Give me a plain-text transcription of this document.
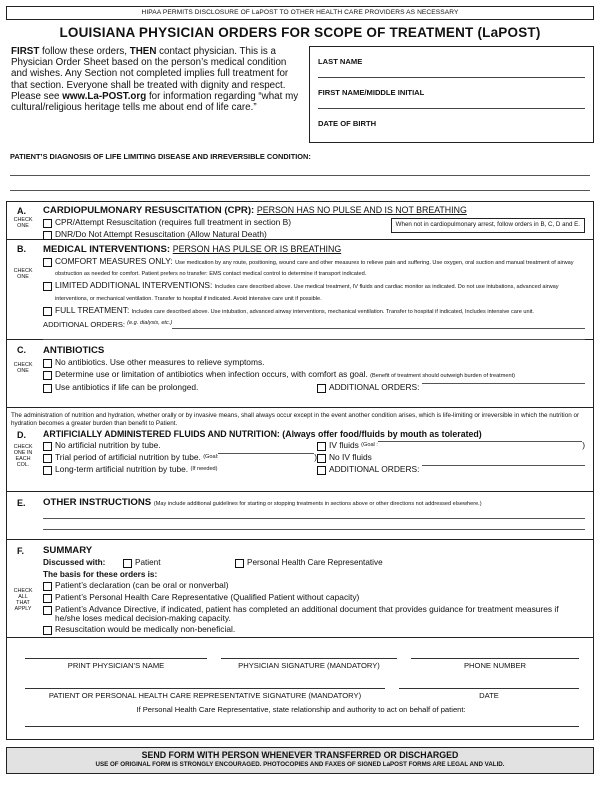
HIPAA PERMITS DISCLOSURE OF LaPOST TO OTHER HEALTH CARE PROVIDERS AS NECESSARY
LOUISIANA PHYSICIAN ORDERS FOR SCOPE OF TREATMENT (LaPOST)
FIRST follow these orders, THEN contact physician. This is a Physician Order Sheet based on the person’s medical condition and wishes. Any Section not completed implies full treatment for that section. Everyone shall be treated with dignity and respect. Please see www.La-POST.org for information regarding “what my cultural/religious heritage tells me about end of life care.”
LAST NAME
FIRST NAME/MIDDLE INITIAL
DATE OF BIRTH
PATIENT’S DIAGNOSIS OF LIFE LIMITING DISEASE AND IRREVERSIBLE CONDITION:
A.
CHECK ONE
CARDIOPULMONARY RESUSCITATION (CPR): PERSON HAS NO PULSE AND IS NOT BREATHING
CPR/Attempt Resuscitation (requires full treatment in section B)
DNR/Do Not Attempt Resuscitation (Allow Natural Death)
When not in cardiopulmonary arrest, follow orders in B, C, D and E.
B.
CHECK ONE
MEDICAL INTERVENTIONS: PERSON HAS PULSE OR IS BREATHING
COMFORT MEASURES ONLY: Use medication by any route, positioning, wound care and other measures to relieve pain and suffering. Use oxygen, oral suction and manual treatment of airway obstruction as needed for comfort. Patient prefers no transfer: EMS contact medical control to determine if transport indicated.
LIMITED ADDITIONAL INTERVENTIONS: Includes care described above. Use medical treatment, IV fluids and cardiac monitor as indicated. Do not use intubations, advanced airway interventions, or mechanical ventilation. Transfer to hospital if indicated. Avoid intensive care unit if possible.
FULL TREATMENT: Includes care described above. Use intubation, advanced airway interventions, mechanical ventilation. Transfer to hospital if indicated, Includes intensive care unit.
ADDITIONAL ORDERS:
(e.g. dialysis, etc.)
C.
CHECK ONE
ANTIBIOTICS
No antibiotics. Use other measures to relieve symptoms.
Determine use or limitation of antibiotics when infection occurs, with comfort as goal. (Benefit of treatment should outweigh burden of treatment)
Use antibiotics if life can be prolonged.	ADDITIONAL ORDERS:
The administration of nutrition and hydration, whether orally or by invasive means, shall always occur except in the event another condition arises, which is life-limiting or irreversible in which the nutrition or hydration becomes a greater burden than benefit to Patient.
D.
CHECK ONE IN EACH COL.
ARTIFICIALLY ADMINISTERED FLUIDS AND NUTRITION: (Always offer food/fluids by mouth as tolerated)
No artificial nutrition by tube.
Trial period of artificial nutrition by tube.
(Goal:	)
Long-term artificial nutrition by tube.
(If needed)
IV fluids
(Goal :	)
No IV fluids
ADDITIONAL ORDERS:
E. OTHER INSTRUCTIONS (May include additional guidelines for starting or stopping treatments in sections above or other directions not addressed elsewhere.)
F.
CHECK ALL THAT APPLY
SUMMARY
Discussed with:	Patient	Personal Health Care Representative
The basis for these orders is:
Patient’s declaration (can be oral or nonverbal)
Patient’s Personal Health Care Representative (Qualified Patient without capacity)
Patient’s Advance Directive, if indicated, patient has completed an additional document that provides guidance for treatment measures if he/she loses medical decision-making capacity.
Resuscitation would be medically non-beneficial.
PRINT PHYSICIAN’S NAME	PHYSICIAN SIGNATURE (MANDATORY)	PHONE NUMBER
PATIENT OR PERSONAL HEALTH CARE REPRESENTATIVE SIGNATURE (MANDATORY)	DATE
If Personal Health Care Representative, state relationship and authority to act on behalf of patient:
SEND FORM WITH PERSON WHENEVER TRANSFERRED OR DISCHARGED
USE OF ORIGINAL FORM IS STRONGLY ENCOURAGED. PHOTOCOPIES AND FAXES OF SIGNED LaPOST FORMS ARE LEGAL AND VALID.
